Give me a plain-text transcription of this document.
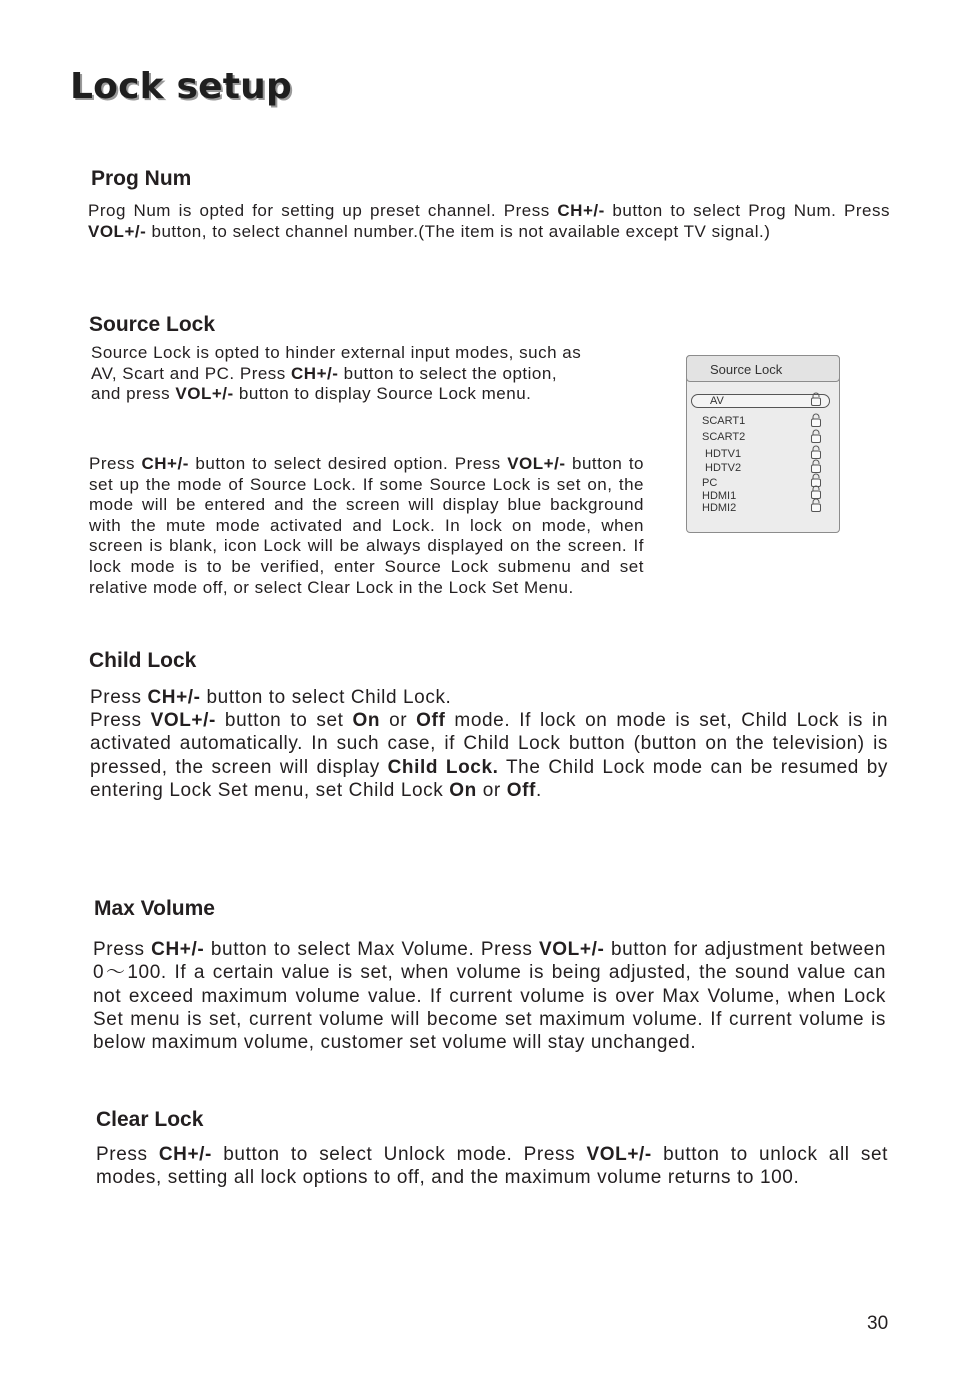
Lock setup
Prog Num

Prog Num is opted for setting up preset channel. Press CH+/- button to select Prog Num. Press VOL+/- button, to select channel number.(The item is not available except TV signal.)

Source Lock

Source Lock is opted to hinder external input modes, such as AV, Scart and PC. Press CH+/- button to select the option, and press VOL+/- button to display Source Lock menu.

Press CH+/- button to select desired option. Press VOL+/- button to set up the mode of Source Lock. If some Source Lock is set on, the mode will be entered and the screen will display blue background with the mute mode activated and Lock. In lock on mode, when screen is blank, icon Lock will be always displayed on the screen. If lock mode is to be verified, enter Source Lock submenu and set relative mode off, or select Clear Lock in the Lock Set Menu.

Source Lock
AV
SCART1
SCART2
HDTV1
HDTV2
PC
HDMI1
HDMI2
Child Lock

Press CH+/- button to select Child Lock.

Press VOL+/- button to set On or Off mode. If lock on mode is set, Child Lock is in activated automatically. In such case, if Child Lock button (button on the television) is pressed, the screen will display Child Lock. The Child Lock mode can be resumed by entering Lock Set menu, set Child Lock On or Off.

Max Volume

Press CH+/- button to select Max Volume. Press VOL+/- button for adjustment between 0～100. If a certain value is set, when volume is being adjusted, the sound value can not exceed maximum volume value. If current volume is over Max Volume, when Lock Set menu is set, current volume will become set maximum volume. If current volume is below maximum volume, customer set volume will stay unchanged.

Clear Lock

Press CH+/- button to select Unlock mode. Press VOL+/- button to unlock all set modes, setting all lock options to off, and the maximum volume returns to 100.

30
